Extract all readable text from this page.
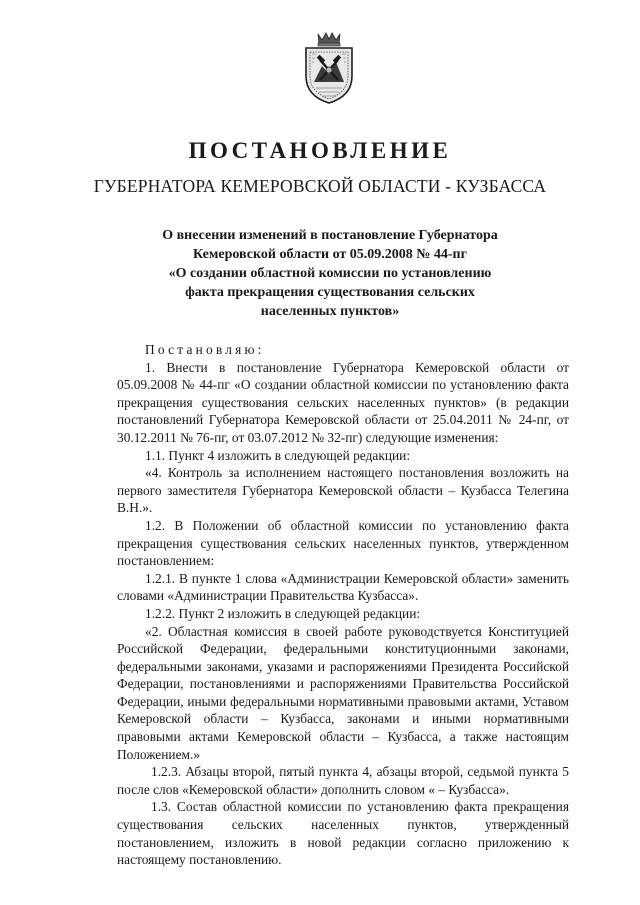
ПОСТАНОВЛЕНИЕ
ГУБЕРНАТОРА КЕМЕРОВСКОЙ ОБЛАСТИ - КУЗБАССА
О внесении изменений в постановление Губернатора
Кемеровской области от 05.09.2008 № 44-пг
«О создании областной комиссии по установлению
факта прекращения существования сельских
населенных пунктов»

Постановляю:

1. Внести в постановление Губернатора Кемеровской области от 05.09.2008 № 44-пг «О создании областной комиссии по установлению факта прекращения существования сельских населенных пунктов» (в редакции постановлений Губернатора Кемеровской области от 25.04.2011 № 24-пг, от 30.12.2011 № 76-пг, от 03.07.2012 № 32-пг) следующие изменения:

1.1. Пункт 4 изложить в следующей редакции:

«4. Контроль за исполнением настоящего постановления возложить на первого заместителя Губернатора Кемеровской области – Кузбасса Телегина В.Н.».

1.2. В Положении об областной комиссии по установлению факта прекращения существования сельских населенных пунктов, утвержденном постановлением:

1.2.1. В пункте 1 слова «Администрации Кемеровской области» заменить словами «Администрации Правительства Кузбасса».

1.2.2. Пункт 2 изложить в следующей редакции:

«2. Областная комиссия в своей работе руководствуется Конституцией Российской Федерации, федеральными конституционными законами, федеральными законами, указами и распоряжениями Президента Российской Федерации, постановлениями и распоряжениями Правительства Российской Федерации, иными федеральными нормативными правовыми актами, Уставом Кемеровской области – Кузбасса, законами и иными нормативными правовыми актами Кемеровской области – Кузбасса, а также настоящим Положением.»

1.2.3. Абзацы второй, пятый пункта 4, абзацы второй, седьмой пункта 5 после слов «Кемеровской области» дополнить словом « – Кузбасса».

1.3. Состав областной комиссии по установлению факта прекращения существования сельских населенных пунктов, утвержденный постановлением, изложить в новой редакции согласно приложению к настоящему постановлению.
